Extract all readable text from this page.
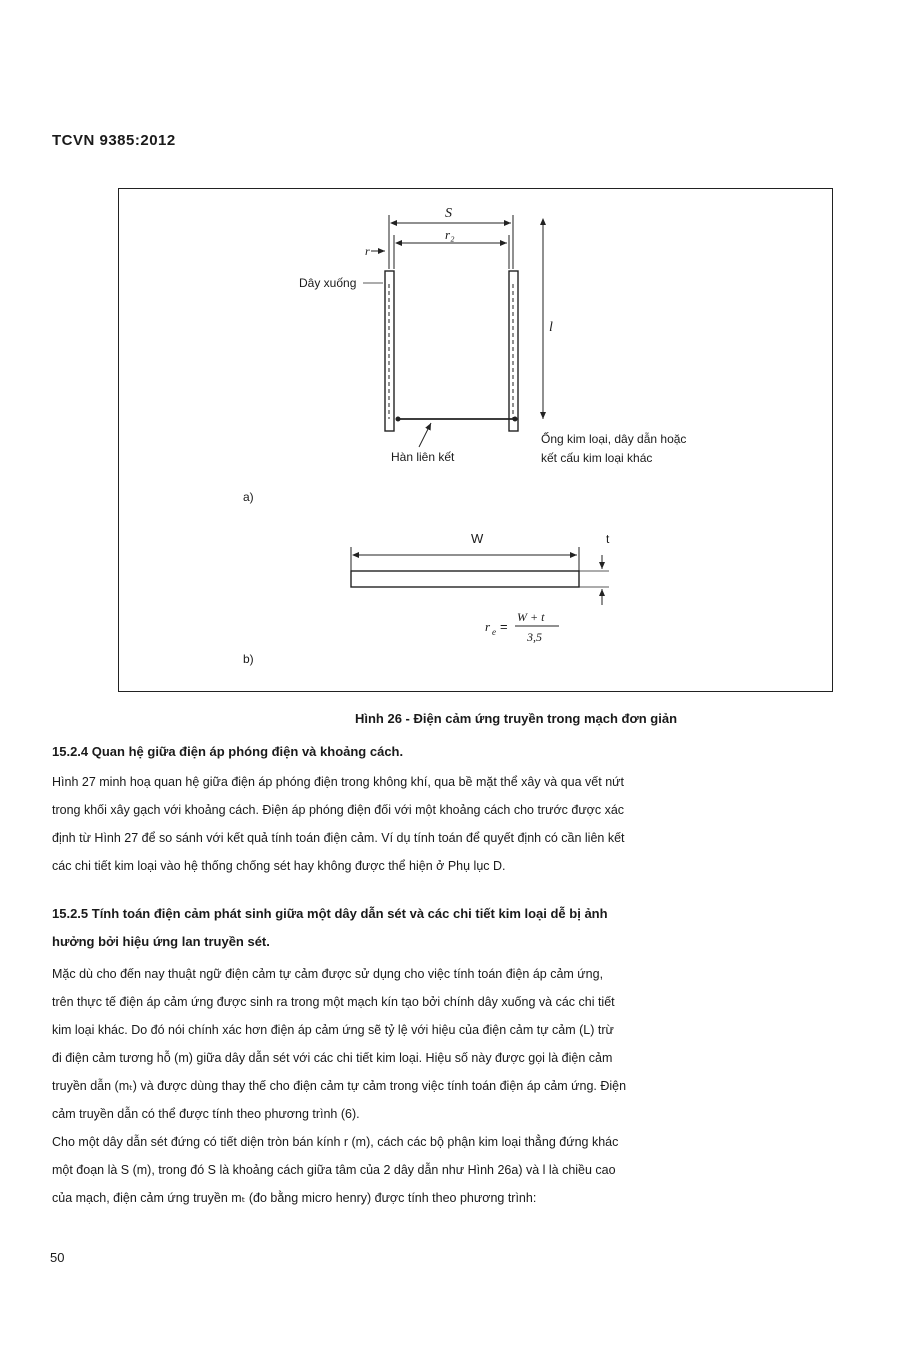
TCVN 9385:2012
S
r₂
r
l
Dây xuống
Hàn liên kết
Ống kim loại, dây dẫn hoặc
kết cấu kim loại khác
a)
W	t
r e =
W + t
3,5
b)
Hình 26 - Điện cảm ứng truyền trong mạch đơn giản
15.2.4 Quan hệ giữa điện áp phóng điện và khoảng cách.
Hình 27 minh hoạ quan hệ giữa điện áp phóng điện trong không khí, qua bề mặt thể xây và qua vết nứt
trong khối xây gạch với khoảng cách. Điện áp phóng điện đối với một khoảng cách cho trước được xác
định từ Hình 27 để so sánh với kết quả tính toán điện cảm. Ví dụ tính toán để quyết định có cần liên kết
các chi tiết kim loại vào hệ thống chống sét hay không được thể hiện ở Phụ lục D.
15.2.5 Tính toán điện cảm phát sinh giữa một dây dẫn sét và các chi tiết kim loại dễ bị ảnh
hưởng bởi hiệu ứng lan truyền sét.
Mặc dù cho đến nay thuật ngữ điện cảm tự cảm được sử dụng cho việc tính toán điện áp cảm ứng,
trên thực tế điện áp cảm ứng được sinh ra trong một mạch kín tạo bởi chính dây xuống và các chi tiết
kim loại khác. Do đó nói chính xác hơn điện áp cảm ứng sẽ tỷ lệ với hiệu của điện cảm tự cảm (L) trừ
đi điện cảm tương hỗ (m) giữa dây dẫn sét với các chi tiết kim loại. Hiệu số này được gọi là điện cảm
truyền dẫn (mₜ) và được dùng thay thế cho điện cảm tự cảm trong việc tính toán điện áp cảm ứng. Điện
cảm truyền dẫn có thể được tính theo phương trình (6).
Cho một dây dẫn sét đứng có tiết diện tròn bán kính r (m), cách các bộ phận kim loại thẳng đứng khác
một đoạn là S (m), trong đó S là khoảng cách giữa tâm của 2 dây dẫn như Hình 26a) và l là chiều cao
của mạch, điện cảm ứng truyền mₜ (đo bằng micro henry) được tính theo phương trình:
50
